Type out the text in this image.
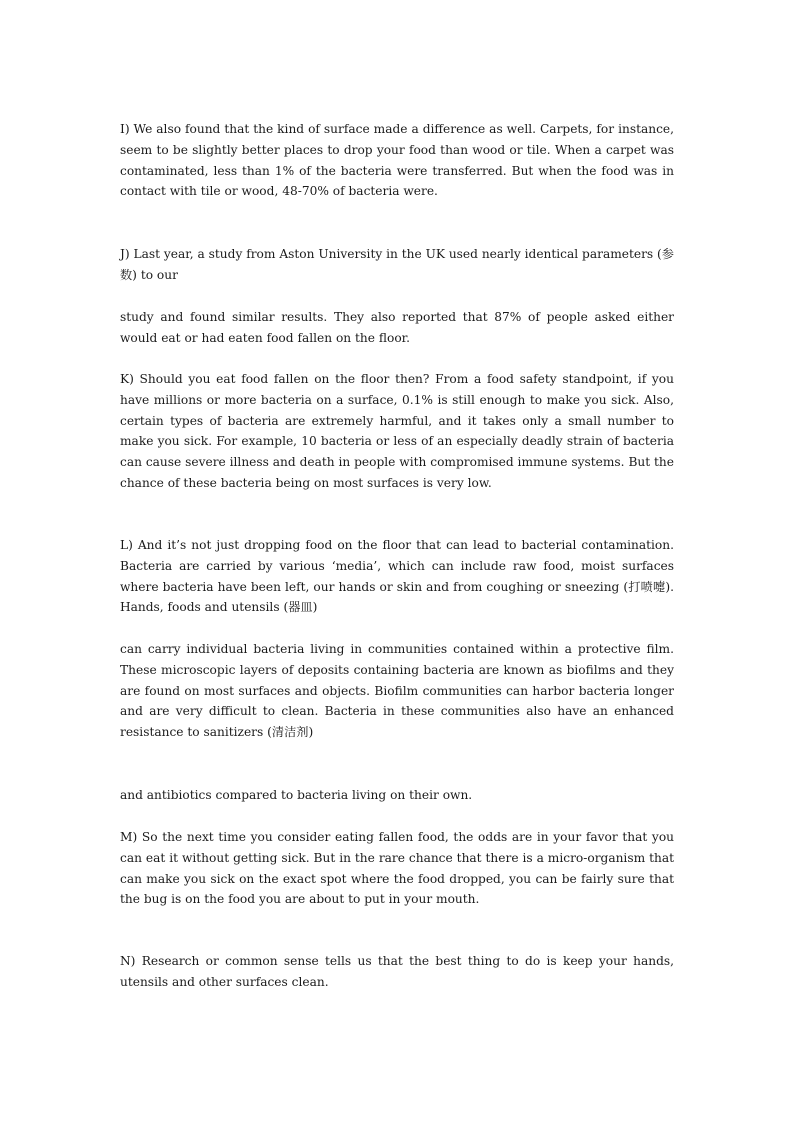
I) We also found that the kind of surface made a difference as well. Carpets, for instance, seem to be slightly better places to drop your food than wood or tile. When a carpet was contaminated, less than 1% of the bacteria were transferred. But when the food was in contact with tile or wood, 48-70% of bacteria were.

J) Last year, a study from Aston University in the UK used nearly identical parameters (参数) to our

study and found similar results. They also reported that 87% of people asked either would eat or had eaten food fallen on the floor.

K) Should you eat food fallen on the floor then? From a food safety standpoint, if you have millions or more bacteria on a surface, 0.1% is still enough to make you sick. Also, certain types of bacteria are extremely harmful, and it takes only a small number to make you sick. For example, 10 bacteria or less of an especially deadly strain of bacteria can cause severe illness and death in people with compromised immune systems. But the chance of these bacteria being on most surfaces is very low.

L) And it’s not just dropping food on the floor that can lead to bacterial contamination. Bacteria are carried by various ‘media’, which can include raw food, moist surfaces where bacteria have been left, our hands or skin and from coughing or sneezing (打喷嚏). Hands, foods and utensils (器皿)

can carry individual bacteria living in communities contained within a protective film. These microscopic layers of deposits containing bacteria are known as biofilms and they are found on most surfaces and objects. Biofilm communities can harbor bacteria longer and are very difficult to clean. Bacteria in these communities also have an enhanced resistance to sanitizers (清洁剂)

and antibiotics compared to bacteria living on their own.

M) So the next time you consider eating fallen food, the odds are in your favor that you can eat it without getting sick. But in the rare chance that there is a micro-organism that can make you sick on the exact spot where the food dropped, you can be fairly sure that the bug is on the food you are about to put in your mouth.

N) Research or common sense tells us that the best thing to do is keep your hands, utensils and other surfaces clean.
